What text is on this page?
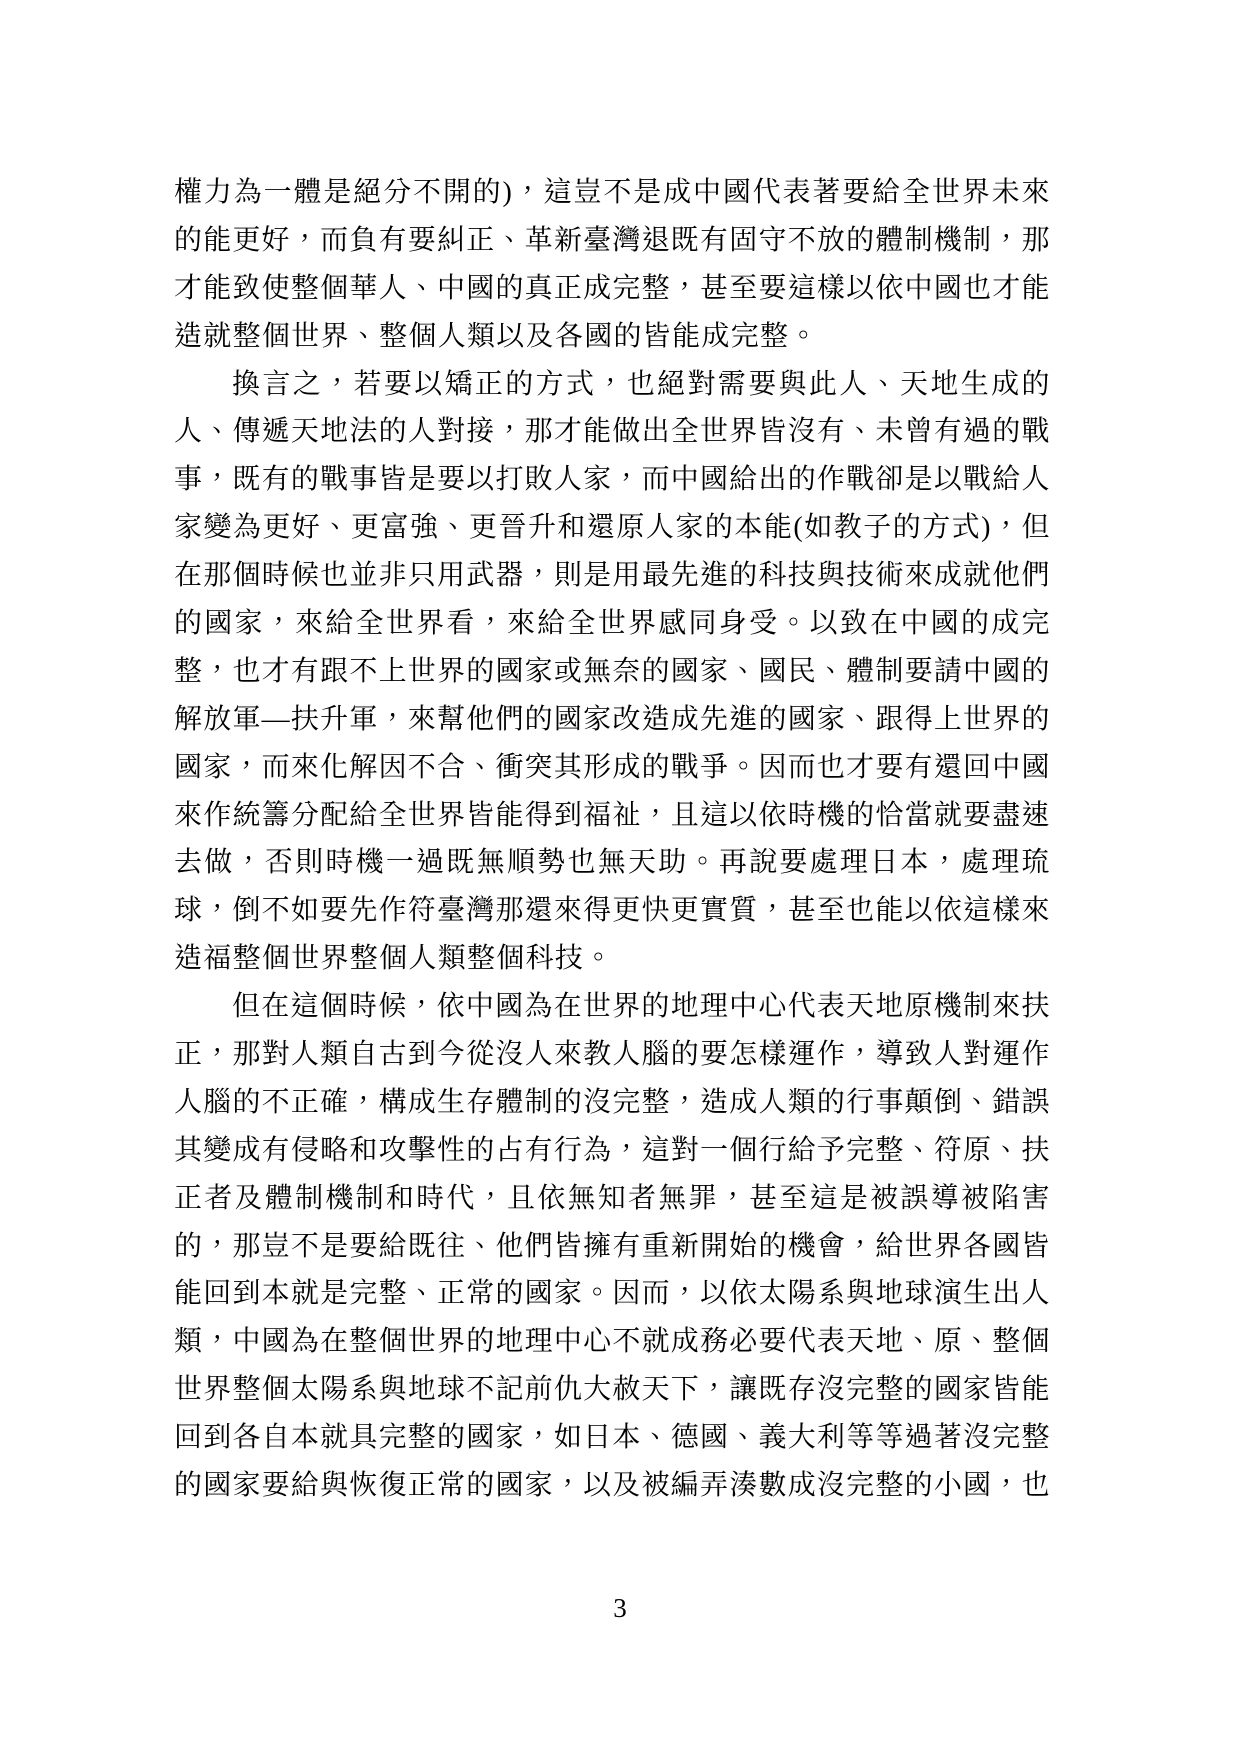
權力為一體是絕分不開的)，這豈不是成中國代表著要給全世界未來
的能更好，而負有要糾正、革新臺灣退既有固守不放的體制機制，那
才能致使整個華人、中國的真正成完整，甚至要這樣以依中國也才能
造就整個世界、整個人類以及各國的皆能成完整。
換言之，若要以矯正的方式，也絕對需要與此人、天地生成的
人、傳遞天地法的人對接，那才能做出全世界皆沒有、未曾有過的戰
事，既有的戰事皆是要以打敗人家，而中國給出的作戰卻是以戰給人
家變為更好、更富強、更晉升和還原人家的本能(如教子的方式)，但
在那個時候也並非只用武器，則是用最先進的科技與技術來成就他們
的國家，來給全世界看，來給全世界感同身受。以致在中國的成完
整，也才有跟不上世界的國家或無奈的國家、國民、體制要請中國的
解放軍—扶升軍，來幫他們的國家改造成先進的國家、跟得上世界的
國家，而來化解因不合、衝突其形成的戰爭。因而也才要有還回中國
來作統籌分配給全世界皆能得到福祉，且這以依時機的恰當就要盡速
去做，否則時機一過既無順勢也無天助。再說要處理日本，處理琉
球，倒不如要先作符臺灣那還來得更快更實質，甚至也能以依這樣來
造福整個世界整個人類整個科技。
但在這個時候，依中國為在世界的地理中心代表天地原機制來扶
正，那對人類自古到今從沒人來教人腦的要怎樣運作，導致人對運作
人腦的不正確，構成生存體制的沒完整，造成人類的行事顛倒、錯誤
其變成有侵略和攻擊性的占有行為，這對一個行給予完整、符原、扶
正者及體制機制和時代，且依無知者無罪，甚至這是被誤導被陷害
的，那豈不是要給既往、他們皆擁有重新開始的機會，給世界各國皆
能回到本就是完整、正常的國家。因而，以依太陽系與地球演生出人
類，中國為在整個世界的地理中心不就成務必要代表天地、原、整個
世界整個太陽系與地球不記前仇大赦天下，讓既存沒完整的國家皆能
回到各自本就具完整的國家，如日本、德國、義大利等等過著沒完整
的國家要給與恢復正常的國家，以及被編弄湊數成沒完整的小國，也
3
